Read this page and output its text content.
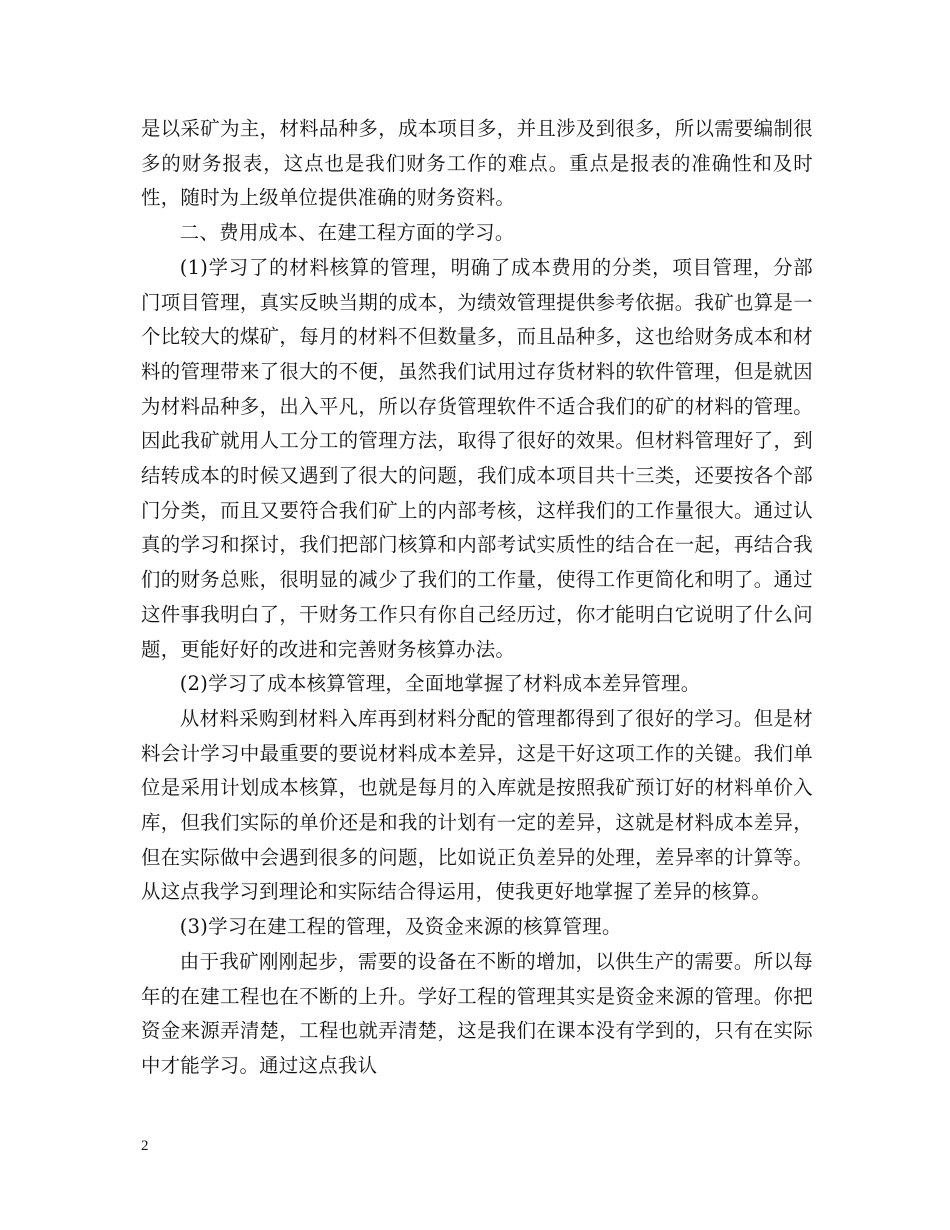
是以采矿为主，材料品种多，成本项目多，并且涉及到很多，所以需要编制很多的财务报表，这点也是我们财务工作的难点。重点是报表的准确性和及时性，随时为上级单位提供准确的财务资料。

二、费用成本、在建工程方面的学习。

(1)学习了的材料核算的管理，明确了成本费用的分类，项目管理，分部门项目管理，真实反映当期的成本，为绩效管理提供参考依据。我矿也算是一个比较大的煤矿，每月的材料不但数量多，而且品种多，这也给财务成本和材料的管理带来了很大的不便，虽然我们试用过存货材料的软件管理，但是就因为材料品种多，出入平凡，所以存货管理软件不适合我们的矿的材料的管理。因此我矿就用人工分工的管理方法，取得了很好的效果。但材料管理好了，到结转成本的时候又遇到了很大的问题，我们成本项目共十三类，还要按各个部门分类，而且又要符合我们矿上的内部考核，这样我们的工作量很大。通过认真的学习和探讨，我们把部门核算和内部考试实质性的结合在一起，再结合我们的财务总账，很明显的减少了我们的工作量，使得工作更简化和明了。通过这件事我明白了，干财务工作只有你自己经历过，你才能明白它说明了什么问题，更能好好的改进和完善财务核算办法。

(2)学习了成本核算管理，全面地掌握了材料成本差异管理。

从材料采购到材料入库再到材料分配的管理都得到了很好的学习。但是材料会计学习中最重要的要说材料成本差异，这是干好这项工作的关键。我们单位是采用计划成本核算，也就是每月的入库就是按照我矿预订好的材料单价入库，但我们实际的单价还是和我的计划有一定的差异，这就是材料成本差异，但在实际做中会遇到很多的问题，比如说正负差异的处理，差异率的计算等。从这点我学习到理论和实际结合得运用，使我更好地掌握了差异的核算。

(3)学习在建工程的管理，及资金来源的核算管理。

由于我矿刚刚起步，需要的设备在不断的增加，以供生产的需要。所以每年的在建工程也在不断的上升。学好工程的管理其实是资金来源的管理。你把资金来源弄清楚，工程也就弄清楚，这是我们在课本没有学到的，只有在实际中才能学习。通过这点我认

2
